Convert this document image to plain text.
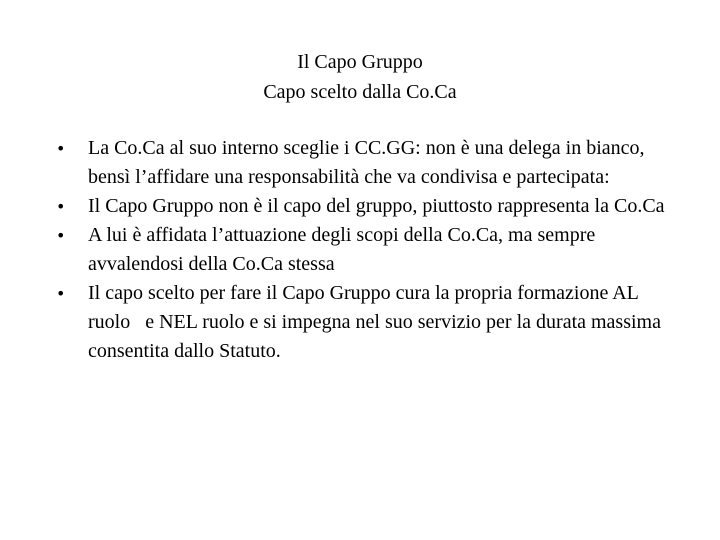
Il Capo Gruppo
Capo scelto dalla Co.Ca
•	La Co.Ca al suo interno sceglie i CC.GG: non è una delega in bianco, bensì l’affidare una responsabilità che va condivisa e partecipata:
•	Il Capo Gruppo non è il capo del gruppo, piuttosto rappresenta la Co.Ca
•	A lui è affidata l’attuazione degli scopi della Co.Ca, ma sempre avvalendosi della Co.Ca stessa
•	Il capo scelto per fare il Capo Gruppo cura la propria formazione AL ruolo   e NEL ruolo e si impegna nel suo servizio per la durata massima consentita dallo Statuto.
